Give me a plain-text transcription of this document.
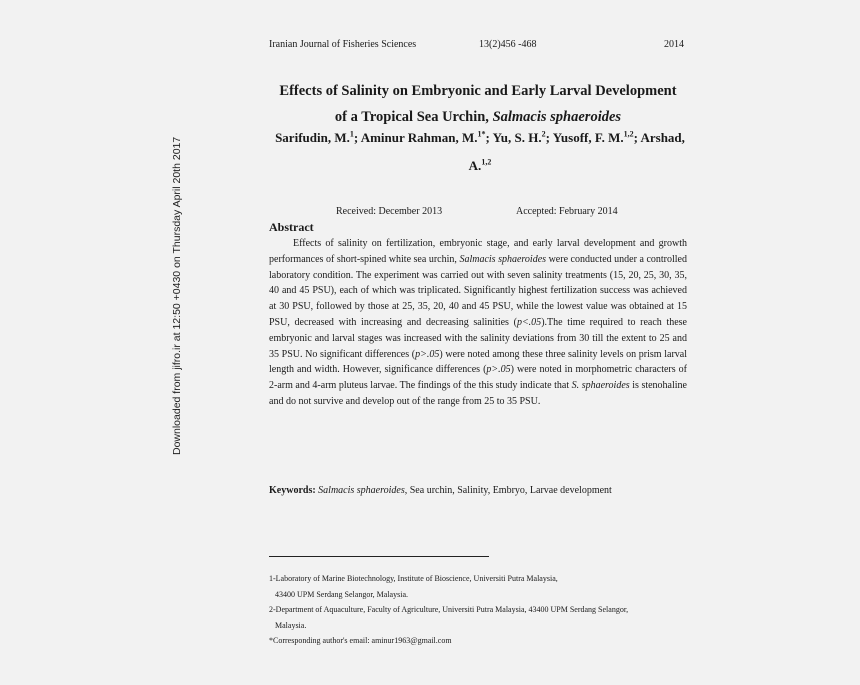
Iranian Journal of Fisheries Sciences	13(2)456 -468	2014
Downloaded from jifro.ir at 12:50 +0430 on Thursday April 20th 2017
Effects of Salinity on Embryonic and Early Larval Development
of a Tropical Sea Urchin, Salmacis sphaeroides
Sarifudin, M.$^1$; Aminur Rahman, M.$^{1*}$; Yu, S. H.$^2$; Yusoff, F. M.$^{1,2}$; Arshad,
A.$^{1,2}$
Received: December 2013	Accepted: February 2014
Abstract
Effects of salinity on fertilization, embryonic stage, and early larval development and growth performances of short-spined white sea urchin, Salmacis sphaeroides were conducted under a controlled laboratory condition. The experiment was carried out with seven salinity treatments (15, 20, 25, 30, 35, 40 and 45 PSU), each of which was triplicated. Significantly highest fertilization success was achieved at 30 PSU, followed by those at 25, 35, 20, 40 and 45 PSU, while the lowest value was obtained at 15 PSU, decreased with increasing and decreasing salinities (p<.05).The time required to reach these embryonic and larval stages was increased with the salinity deviations from 30 till the extent to 25 and 35 PSU. No significant differences (p>.05) were noted among these three salinity levels on prism larval length and width. However, significance differences (p>.05) were noted in morphometric characters of 2-arm and 4-arm pluteus larvae. The findings of the this study indicate that S. sphaeroides is stenohaline and do not survive and develop out of the range from 25 to 35 PSU.
Keywords: Salmacis sphaeroides, Sea urchin, Salinity, Embryo, Larvae development
1-Laboratory of Marine Biotechnology, Institute of Bioscience, Universiti Putra Malaysia,
43400 UPM Serdang Selangor, Malaysia.
2-Department of Aquaculture, Faculty of Agriculture, Universiti Putra Malaysia, 43400 UPM Serdang Selangor,
Malaysia.
*Corresponding author's email: aminur1963@gmail.com
